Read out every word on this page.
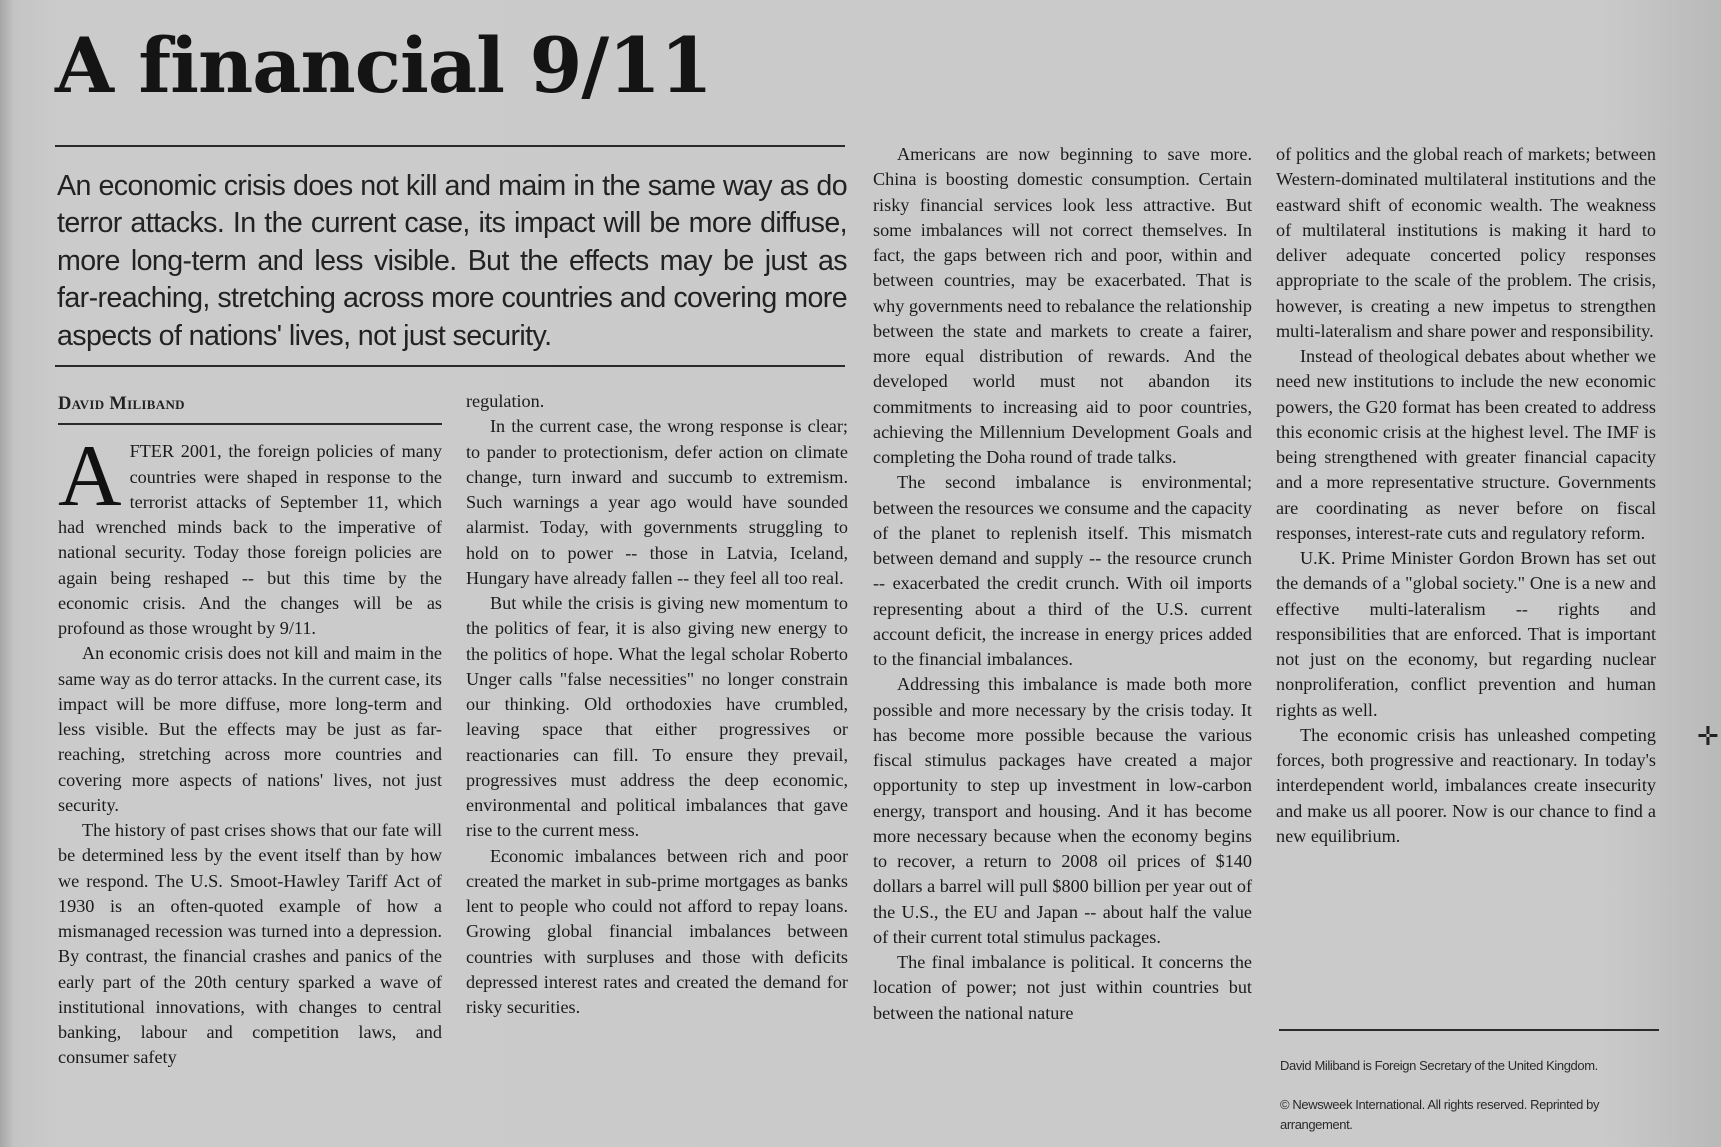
A financial 9/11

An economic crisis does not kill and maim in the same way as do terror attacks. In the current case, its impact will be more diffuse, more long-term and less visible. But the effects may be just as far-reaching, stretching across more countries and covering more aspects of nations' lives, not just security.

David Miliband

AFTER 2001, the foreign policies of many countries were shaped in response to the terrorist attacks of September 11, which had wrenched minds back to the imperative of national security. Today those foreign policies are again being reshaped -- but this time by the economic crisis. And the changes will be as profound as those wrought by 9/11.

An economic crisis does not kill and maim in the same way as do terror attacks. In the current case, its impact will be more diffuse, more long-term and less visible. But the effects may be just as far-reaching, stretching across more countries and covering more aspects of nations' lives, not just security.

The history of past crises shows that our fate will be determined less by the event itself than by how we respond. The U.S. Smoot-Hawley Tariff Act of 1930 is an often-quoted example of how a mismanaged recession was turned into a depression. By contrast, the financial crashes and panics of the early part of the 20th century sparked a wave of institutional innovations, with changes to central banking, labour and competition laws, and consumer safety

regulation.

In the current case, the wrong response is clear; to pander to protectionism, defer action on climate change, turn inward and succumb to extremism. Such warnings a year ago would have sounded alarmist. Today, with governments struggling to hold on to power -- those in Latvia, Iceland, Hungary have already fallen -- they feel all too real.

But while the crisis is giving new momentum to the politics of fear, it is also giving new energy to the politics of hope. What the legal scholar Roberto Unger calls "false necessities" no longer constrain our thinking. Old orthodoxies have crumbled, leaving space that either progressives or reactionaries can fill. To ensure they prevail, progressives must address the deep economic, environmental and political imbalances that gave rise to the current mess.

Economic imbalances between rich and poor created the market in sub-prime mortgages as banks lent to people who could not afford to repay loans. Growing global financial imbalances between countries with surpluses and those with deficits depressed interest rates and created the demand for risky securities.

Americans are now beginning to save more. China is boosting domestic consumption. Certain risky financial services look less attractive. But some imbalances will not correct themselves. In fact, the gaps between rich and poor, within and between countries, may be exacerbated. That is why governments need to rebalance the relationship between the state and markets to create a fairer, more equal distribution of rewards. And the developed world must not abandon its commitments to increasing aid to poor countries, achieving the Millennium Development Goals and completing the Doha round of trade talks.

The second imbalance is environmental; between the resources we consume and the capacity of the planet to replenish itself. This mismatch between demand and supply -- the resource crunch -- exacerbated the credit crunch. With oil imports representing about a third of the U.S. current account deficit, the increase in energy prices added to the financial imbalances.

Addressing this imbalance is made both more possible and more necessary by the crisis today. It has become more possible because the various fiscal stimulus packages have created a major opportunity to step up investment in low-carbon energy, transport and housing. And it has become more necessary because when the economy begins to recover, a return to 2008 oil prices of $140 dollars a barrel will pull $800 billion per year out of the U.S., the EU and Japan -- about half the value of their current total stimulus packages.

The final imbalance is political. It concerns the location of power; not just within countries but between the national nature

of politics and the global reach of markets; between Western-dominated multilateral institutions and the eastward shift of economic wealth. The weakness of multilateral institutions is making it hard to deliver adequate concerted policy responses appropriate to the scale of the problem. The crisis, however, is creating a new impetus to strengthen multi-lateralism and share power and responsibility.

Instead of theological debates about whether we need new institutions to include the new economic powers, the G20 format has been created to address this economic crisis at the highest level. The IMF is being strengthened with greater financial capacity and a more representative structure. Governments are coordinating as never before on fiscal responses, interest-rate cuts and regulatory reform.

U.K. Prime Minister Gordon Brown has set out the demands of a "global society." One is a new and effective multi-lateralism -- rights and responsibilities that are enforced. That is important not just on the economy, but regarding nuclear nonproliferation, conflict prevention and human rights as well.

The economic crisis has unleashed competing forces, both progressive and reactionary. In today's interdependent world, imbalances create insecurity and make us all poorer. Now is our chance to find a new equilibrium.

David Miliband is Foreign Secretary of the United Kingdom.
© Newsweek International. All rights reserved. Reprinted by arrangement.
✛
